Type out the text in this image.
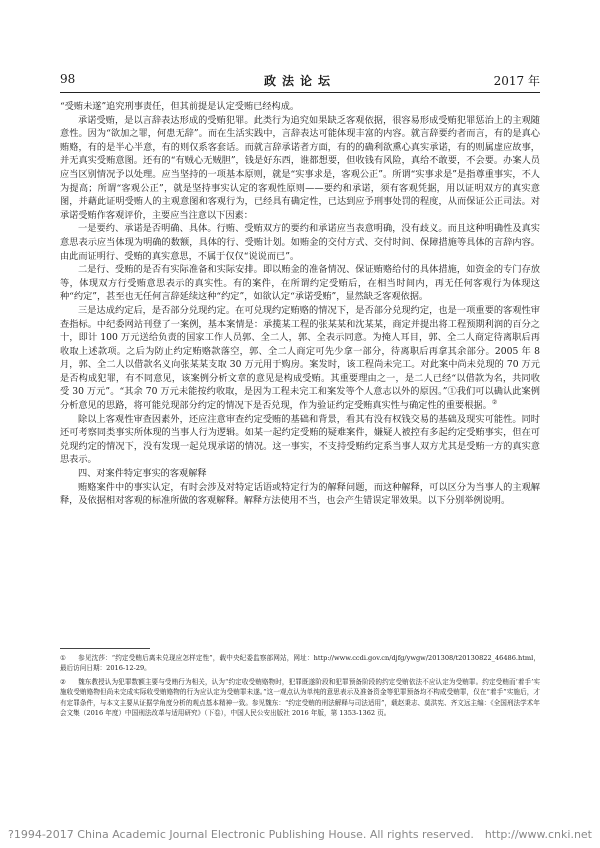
98	政法论坛	2017 年

“受贿未遂”追究刑事责任，但其前提是认定受贿已经构成。

承诺受贿，是以言辞表达形成的受贿犯罪。此类行为追究如果缺乏客观依据，很容易形成受贿犯罪惩治上的主观随意性。因为“欲加之罪，何患无辞”。而在生活实践中，言辞表达可能体现丰富的内容。就言辞要约者而言，有的是真心贿赂，有的是半心半意，有的则仅系客套话。而就言辞承诺者方面，有的的确利欲熏心真实承诺，有的则属虚应故事，并无真实受贿意图。还有的“有贼心无贼胆”，钱是好东西，谁都想要，但收钱有风险，真给不敢要，不会要。办案人员应当区别情况予以处理。应当坚持的一项基本原则，就是“实事求是，客观公正”。所谓“实事求是”是指尊重事实，不人为提高；所谓“客观公正”，就是坚持事实认定的客观性原则——要约和承诺，须有客观凭据，用以证明双方的真实意图，并藉此证明受贿人的主观意图和客观行为，已经具有确定性，已达到应予刑事处罚的程度，从而保证公正司法。对承诺受贿作客观评价，主要应当注意以下因素：

一是要约、承诺是否明确、具体。行贿、受贿双方的要约和承诺应当表意明确，没有歧义。而且这种明确性及真实意思表示应当体现为明确的数额，具体的行、受贿计划。如贿金的交付方式、交付时间、保障措施等具体的言辞内容。由此而证明行、受贿的真实意思，不属于仅仅“说说而已”。

二是行、受贿的是否有实际准备和实际安排。即以贿金的准备情况、保证贿赂给付的具体措施，如资金的专门存放等，体现双方行受贿意思表示的真实性。有的案件，在所谓约定受贿后，在相当时间内，再无任何客观行为体现这种“约定”，甚至也无任何言辞延续这种“约定”，如欲认定“承诺受贿”，显然缺乏客观依据。

三是达成约定后，是否部分兑现约定。在可兑现约定贿赂的情况下，是否部分兑现约定，也是一项重要的客观性审查指标。中纪委网站刊登了一案例，基本案情是：承揽某工程的张某某和沈某某，商定并提出将工程预期利润的百分之十，即计 100 万元送给负责的国家工作人员郭、全二人，郭、全表示同意。为掩人耳目，郭、全二人商定待离职后再收取上述款项。之后为防止约定贿赂款落空，郭、全二人商定可先少拿一部分，待离职后再拿其余部分。2005 年 8 月，郭、全二人以借款名义向张某某支取 30 万元用于购房。案发时，该工程尚未完工。对此案中尚未兑现的 70 万元是否构成犯罪，有不同意见，该案例分析文章的意见是构成受贿。其重要理由之一，是二人已经“以借款为名，共同收受 30 万元”。“其余 70 万元未能按约收取，是因为工程未完工和案发等个人意志以外的原因。”①我们可以确认此案例分析意见的思路，将可能兑现部分约定的情况下是否兑现，作为验证约定受贿真实性与确定性的重要根据。②

除以上客观性审查因素外，还应注意审查约定受贿的基础和背景，看其有没有权钱交易的基础及现实可能性。同时还可考察同类事实所体现的当事人行为逻辑。如某一起约定受贿的疑难案件，嫌疑人被控有多起约定受贿事实，但在可兑现约定的情况下，没有发现一起兑现承诺的情况。这一事实，不支持受贿约定系当事人双方尤其是受贿一方的真实意思表示。

四、对案件特定事实的客观解释

贿赂案件中的事实认定，有时会涉及对特定话语或特定行为的解释问题，而这种解释，可以区分为当事人的主观解释，及依据相对客观的标准所做的客观解释。解释方法使用不当，也会产生错误定罪效果。以下分别举例说明。

① 参见沈莎：“约定受贿后离未兑现应怎样定性”，载中央纪委监察部网站，网址：http://www.ccdi.gov.cn/djfg/ywgw/201308/t20130822_46486.html，最后访问日期：2016-12-29。

② 魏东教授认为犯罪数额主要与受贿行为相关，认为“约定收受贿赂物时，犯罪既遂阶段和犯罪预备阶段的约定受贿依法不应认定为受贿罪。约定受贿而‘着手’实施收受贿赂物但尚未完成实际收受贿赂物的行为应认定为受贿罪未遂。”这一观点认为单纯的意思表示及准备资金等犯罪预备均不构成受贿罪，仅在“着手”实施后，才有定罪条件，与本文主要从证据学角度分析的观点基本精神一致。参见魏东：“约定受贿的刑法解释与司法适用”，载赵秉志、莫洪宪、齐文远主编：《全国刑法学术年会文集（2016 年度）中国刑法改革与适用研究》（下卷），中国人民公安出版社 2016 年版，第 1353-1362 页。

?1994-2017 China Academic Journal Electronic Publishing House. All rights reserved. http://www.cnki.net
